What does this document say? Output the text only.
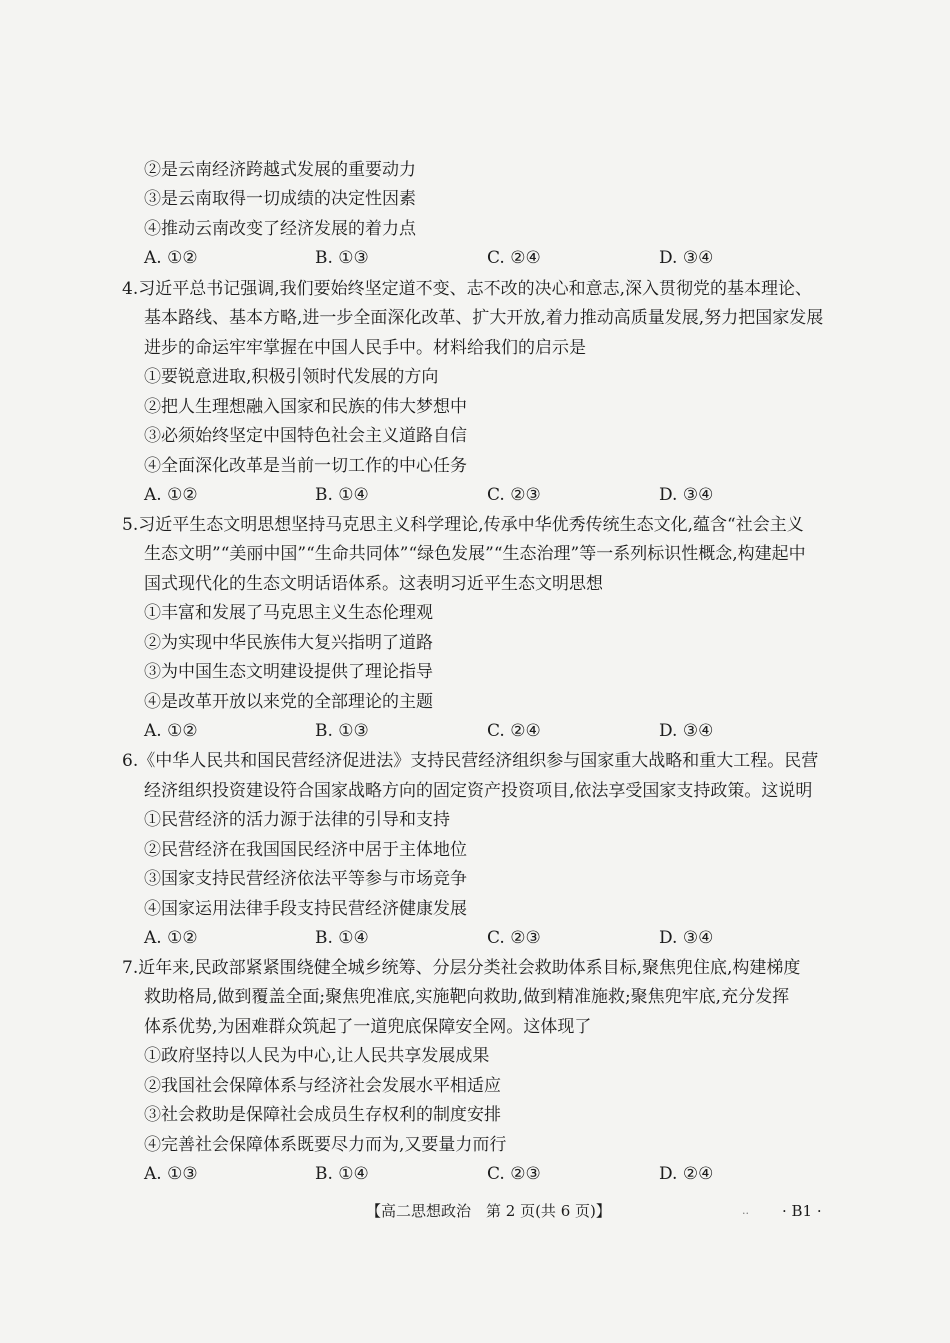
②是云南经济跨越式发展的重要动力
③是云南取得一切成绩的决定性因素
④推动云南改变了经济发展的着力点
A. ①②	B. ①③	C. ②④	D. ③④
4.习近平总书记强调,我们要始终坚定道不变、志不改的决心和意志,深入贯彻党的基本理论、
基本路线、基本方略,进一步全面深化改革、扩大开放,着力推动高质量发展,努力把国家发展
进步的命运牢牢掌握在中国人民手中。材料给我们的启示是
①要锐意进取,积极引领时代发展的方向
②把人生理想融入国家和民族的伟大梦想中
③必须始终坚定中国特色社会主义道路自信
④全面深化改革是当前一切工作的中心任务
A. ①②	B. ①④	C. ②③	D. ③④
5.习近平生态文明思想坚持马克思主义科学理论,传承中华优秀传统生态文化,蕴含“社会主义
生态文明”“美丽中国”“生命共同体”“绿色发展”“生态治理”等一系列标识性概念,构建起中
国式现代化的生态文明话语体系。这表明习近平生态文明思想
①丰富和发展了马克思主义生态伦理观
②为实现中华民族伟大复兴指明了道路
③为中国生态文明建设提供了理论指导
④是改革开放以来党的全部理论的主题
A. ①②	B. ①③	C. ②④	D. ③④
6.《中华人民共和国民营经济促进法》支持民营经济组织参与国家重大战略和重大工程。民营
经济组织投资建设符合国家战略方向的固定资产投资项目,依法享受国家支持政策。这说明
①民营经济的活力源于法律的引导和支持
②民营经济在我国国民经济中居于主体地位
③国家支持民营经济依法平等参与市场竞争
④国家运用法律手段支持民营经济健康发展
A. ①②	B. ①④	C. ②③	D. ③④
7.近年来,民政部紧紧围绕健全城乡统筹、分层分类社会救助体系目标,聚焦兜住底,构建梯度
救助格局,做到覆盖全面;聚焦兜准底,实施靶向救助,做到精准施救;聚焦兜牢底,充分发挥
体系优势,为困难群众筑起了一道兜底保障安全网。这体现了
①政府坚持以人民为中心,让人民共享发展成果
②我国社会保障体系与经济社会发展水平相适应
③社会救助是保障社会成员生存权利的制度安排
④完善社会保障体系既要尽力而为,又要量力而行
A. ①③	B. ①④	C. ②③	D. ②④
【高二思想政治　第 2 页(共 6 页)】	.. · B1 ·
